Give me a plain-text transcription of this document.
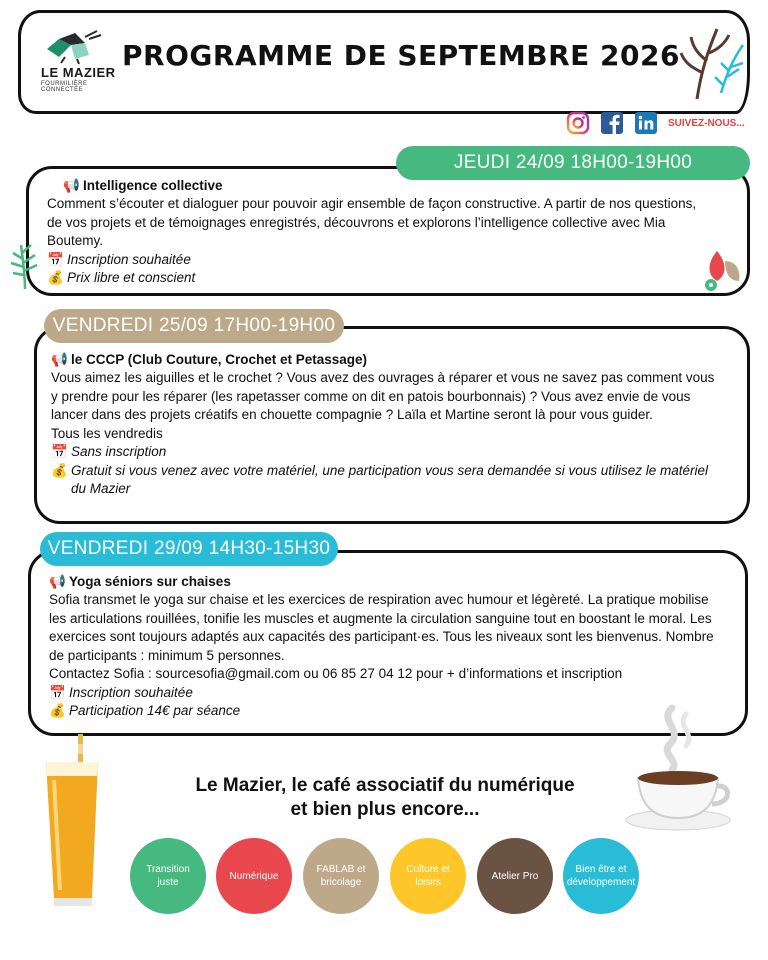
LE MAZIER
FOURMILIÈRE CONNECTÉE
PROGRAMME DE SEPTEMBRE 2026
SUIVEZ-NOUS...
📢 Intelligence collective
Comment s’écouter et dialoguer pour pouvoir agir ensemble de façon constructive. A partir de nos questions, de vos projets et de témoignages enregistrés, découvrons et explorons l’intelligence collective avec Mia Boutemy.
📅 Inscription souhaitée
💰 Prix libre et conscient
JEUDI 24/09 18H00-19H00
📢 le CCCP (Club Couture, Crochet et Petassage)
Vous aimez les aiguilles et le crochet ? Vous avez des ouvrages à réparer et vous ne savez pas comment vous y prendre pour les réparer (les rapetasser comme on dit en patois bourbonnais) ? Vous avez envie de vous lancer dans des projets créatifs en chouette compagnie ? Laïla et Martine seront là pour vous guider.
Tous les vendredis
📅 Sans inscription
💰 Gratuit si vous venez avec votre matériel, une participation vous sera demandée si vous utilisez le matériel du Mazier
VENDREDI 25/09 17H00-19H00
📢 Yoga séniors sur chaises
Sofia transmet le yoga sur chaise et les exercices de respiration avec humour et légèreté. La pratique mobilise les articulations rouillées, tonifie les muscles et augmente la circulation sanguine tout en boostant le moral. Les exercices sont toujours adaptés aux capacités des participant·es. Tous les niveaux sont les bienvenus. Nombre de participants : minimum 5 personnes.
Contactez Sofia : sourcesofia@gmail.com ou 06 85 27 04 12 pour + d’informations et inscription
📅 Inscription souhaitée
💰 Participation 14€ par séance
VENDREDI 29/09 14H30-15H30
Le Mazier, le café associatif du numérique
et bien plus encore...
Transition juste
Numérique
FABLAB et bricolage
Culture et loisirs
Atelier Pro
Bien être et développement
